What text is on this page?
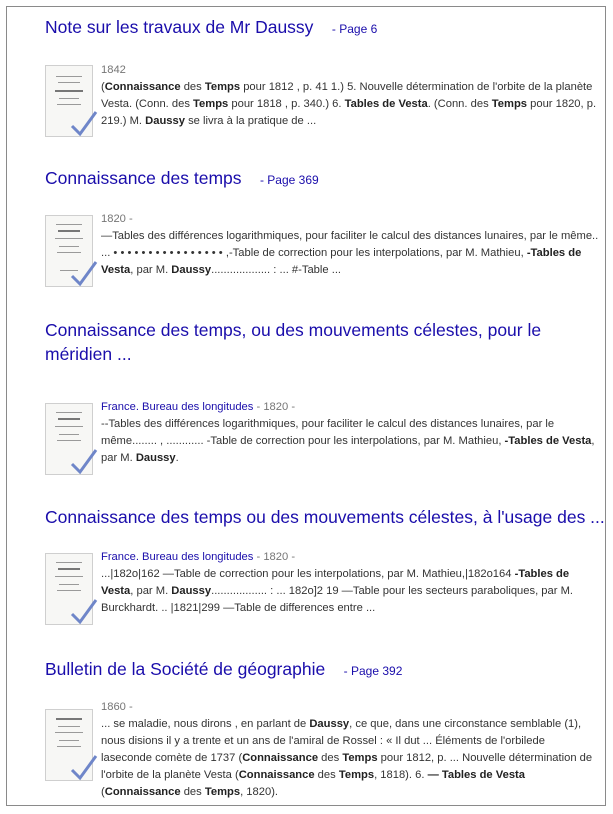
Note sur les travaux de Mr Daussy - Page 6
1842
(Connaissance des Temps pour 1812 , p. 41 1.) 5. Nouvelle détermination de l'orbite de la planète Vesta. (Conn. des Temps pour 1818 , p. 340.) 6. Tables de Vesta. (Conn. des Temps pour 1820, p. 219.) M. Daussy se livra à la pratique de ...
Connaissance des temps - Page 369
1820 -
—Tables des différences logarithmiques, pour faciliter le calcul des distances lunaires, par le même.. ... • • • • • • • • • • • • • • • • ,-Table de correction pour les interpolations, par M. Mathieu, -Tables de Vesta, par M. Daussy................... : ... #-Table ...
Connaissance des temps, ou des mouvements célestes, pour le méridien ...
France. Bureau des longitudes - 1820 -
--Tables des différences logarithmiques, pour faciliter le calcul des distances lunaires, par le même........ , ............ -Table de correction pour les interpolations, par M. Mathieu, -Tables de Vesta, par M. Daussy.
Connaissance des temps ou des mouvements célestes, à l'usage des ...
France. Bureau des longitudes - 1820 -
...|182o|162 —Table de correction pour les interpolations, par M. Mathieu,|182o164 -Tables de Vesta, par M. Daussy.................. : ... 182o]2 19 —Table pour les secteurs paraboliques, par M. Burckhardt. .. |1821|299 —Table de differences entre ...
Bulletin de la Société de géographie - Page 392
1860 -
... se maladie, nous dirons , en parlant de Daussy, ce que, dans une circonstance semblable (1), nous disions il y a trente et un ans de l'amiral de Rossel : « Il dut ... Éléments de l'orbilede laseconde comète de 1737 (Connaissance des Temps pour 1812, p. ... Nouvelle détermination de l'orbite de la planète Vesta (Connaissance des Temps, 1818). 6. — Tables de Vesta (Connaissance des Temps, 1820).
